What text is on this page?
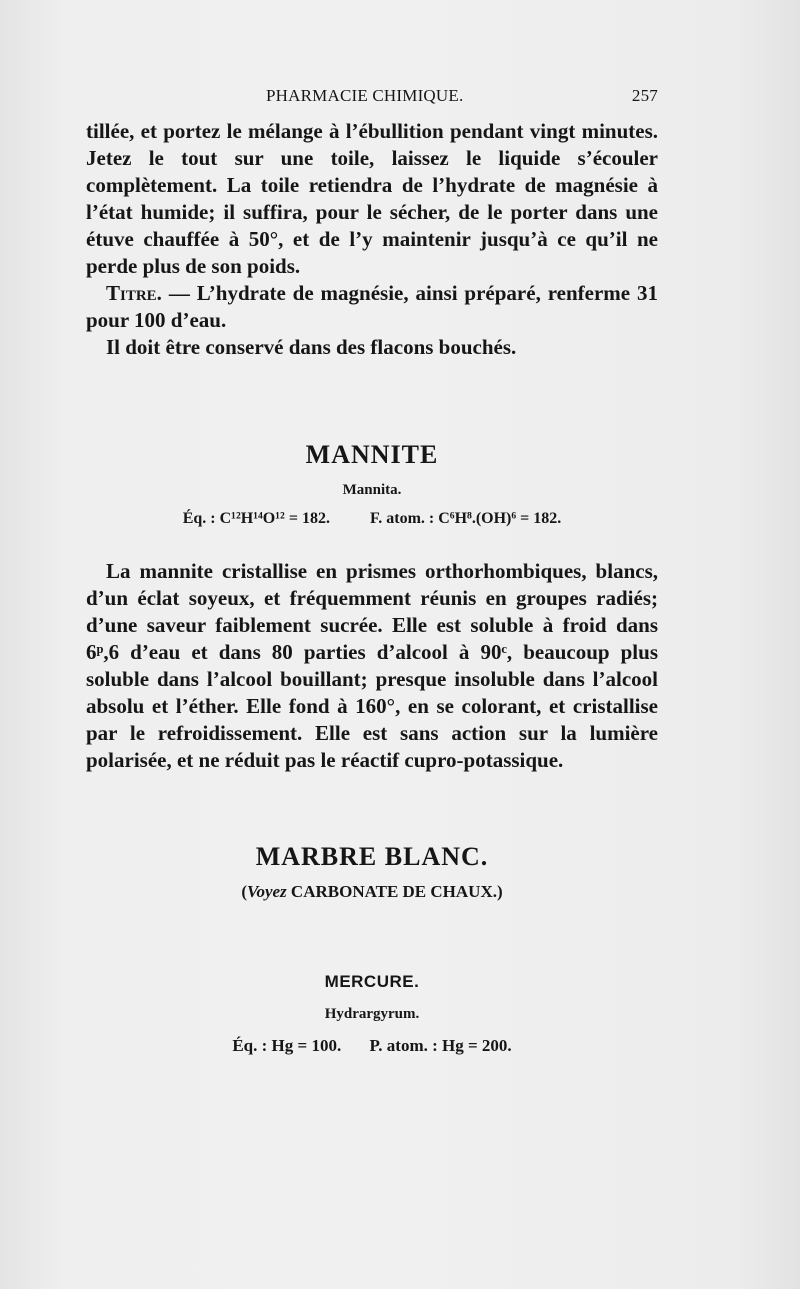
PHARMACIE CHIMIQUE.	257

tillée, et portez le mélange à l’ébullition pendant vingt minutes. Jetez le tout sur une toile, laissez le liquide s’écouler complètement. La toile retiendra de l’hydrate de magnésie à l’état humide; il suffira, pour le sécher, de le porter dans une étuve chauffée à 50°, et de l’y maintenir jusqu’à ce qu’il ne perde plus de son poids.

Titre. — L’hydrate de magnésie, ainsi préparé, renferme 31 pour 100 d’eau.

Il doit être conservé dans des flacons bouchés.

MANNITE
Mannita.
Éq. : C¹²H¹⁴O¹² = 182.	F. atom. : C⁶H⁸.(OH)⁶ = 182.

La mannite cristallise en prismes orthorhombiques, blancs, d’un éclat soyeux, et fréquemment réunis en groupes radiés; d’une saveur faiblement sucrée. Elle est soluble à froid dans 6ᵖ,6 d’eau et dans 80 parties d’alcool à 90ᶜ, beaucoup plus soluble dans l’alcool bouillant; presque insoluble dans l’alcool absolu et l’éther. Elle fond à 160°, en se colorant, et cristallise par le refroidissement. Elle est sans action sur la lumière polarisée, et ne réduit pas le réactif cupro-potassique.

MARBRE BLANC.
(Voyez CARBONATE DE CHAUX.)
MERCURE.
Hydrargyrum.
Éq. : Hg = 100. P. atom. : Hg = 200.
